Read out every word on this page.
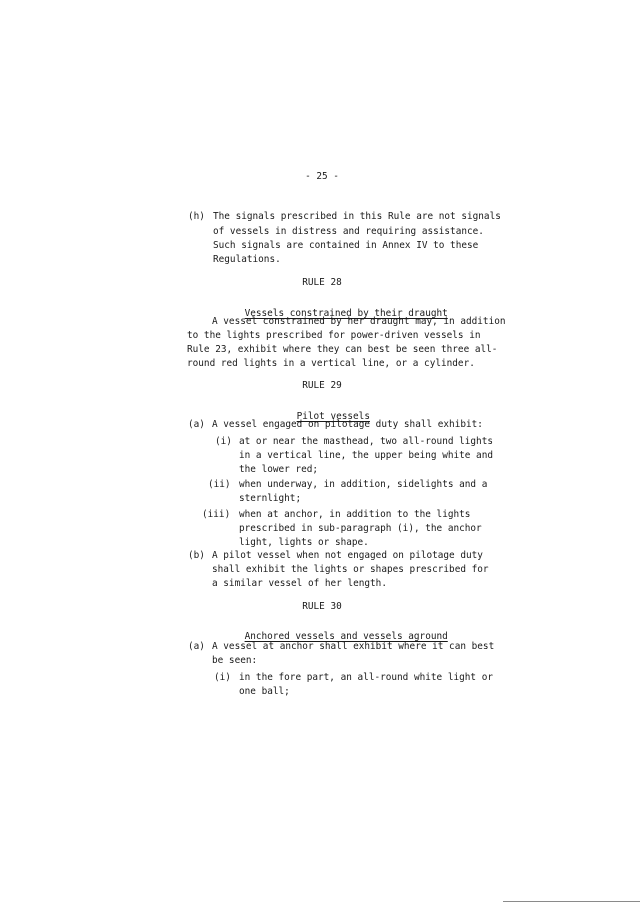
- 25 -
(h) The signals prescribed in this Rule are not signals
of vessels in distress and requiring assistance.
Such signals are contained in Annex IV to these
Regulations.
RULE 28

Vessels constrained by their draught

A vessel constrained by her draught may, in addition
to the lights prescribed for power-driven vessels in
Rule 23, exhibit where they can best be seen three all-
round red lights in a vertical line, or a cylinder.
RULE 29

Pilot vessels

(a) A vessel engaged on pilotage duty shall exhibit:
(i) at or near the masthead, two all-round lights
in a vertical line, the upper being white and
the lower red;
(ii) when underway, in addition, sidelights and a
sternlight;
(iii) when at anchor, in addition to the lights
prescribed in sub-paragraph (i), the anchor
light, lights or shape.
(b) A pilot vessel when not engaged on pilotage duty
shall exhibit the lights or shapes prescribed for
a similar vessel of her length.
RULE 30

Anchored vessels and vessels aground

(a) A vessel at anchor shall exhibit where it can best
be seen:
(i) in the fore part, an all-round white light or
one ball;
